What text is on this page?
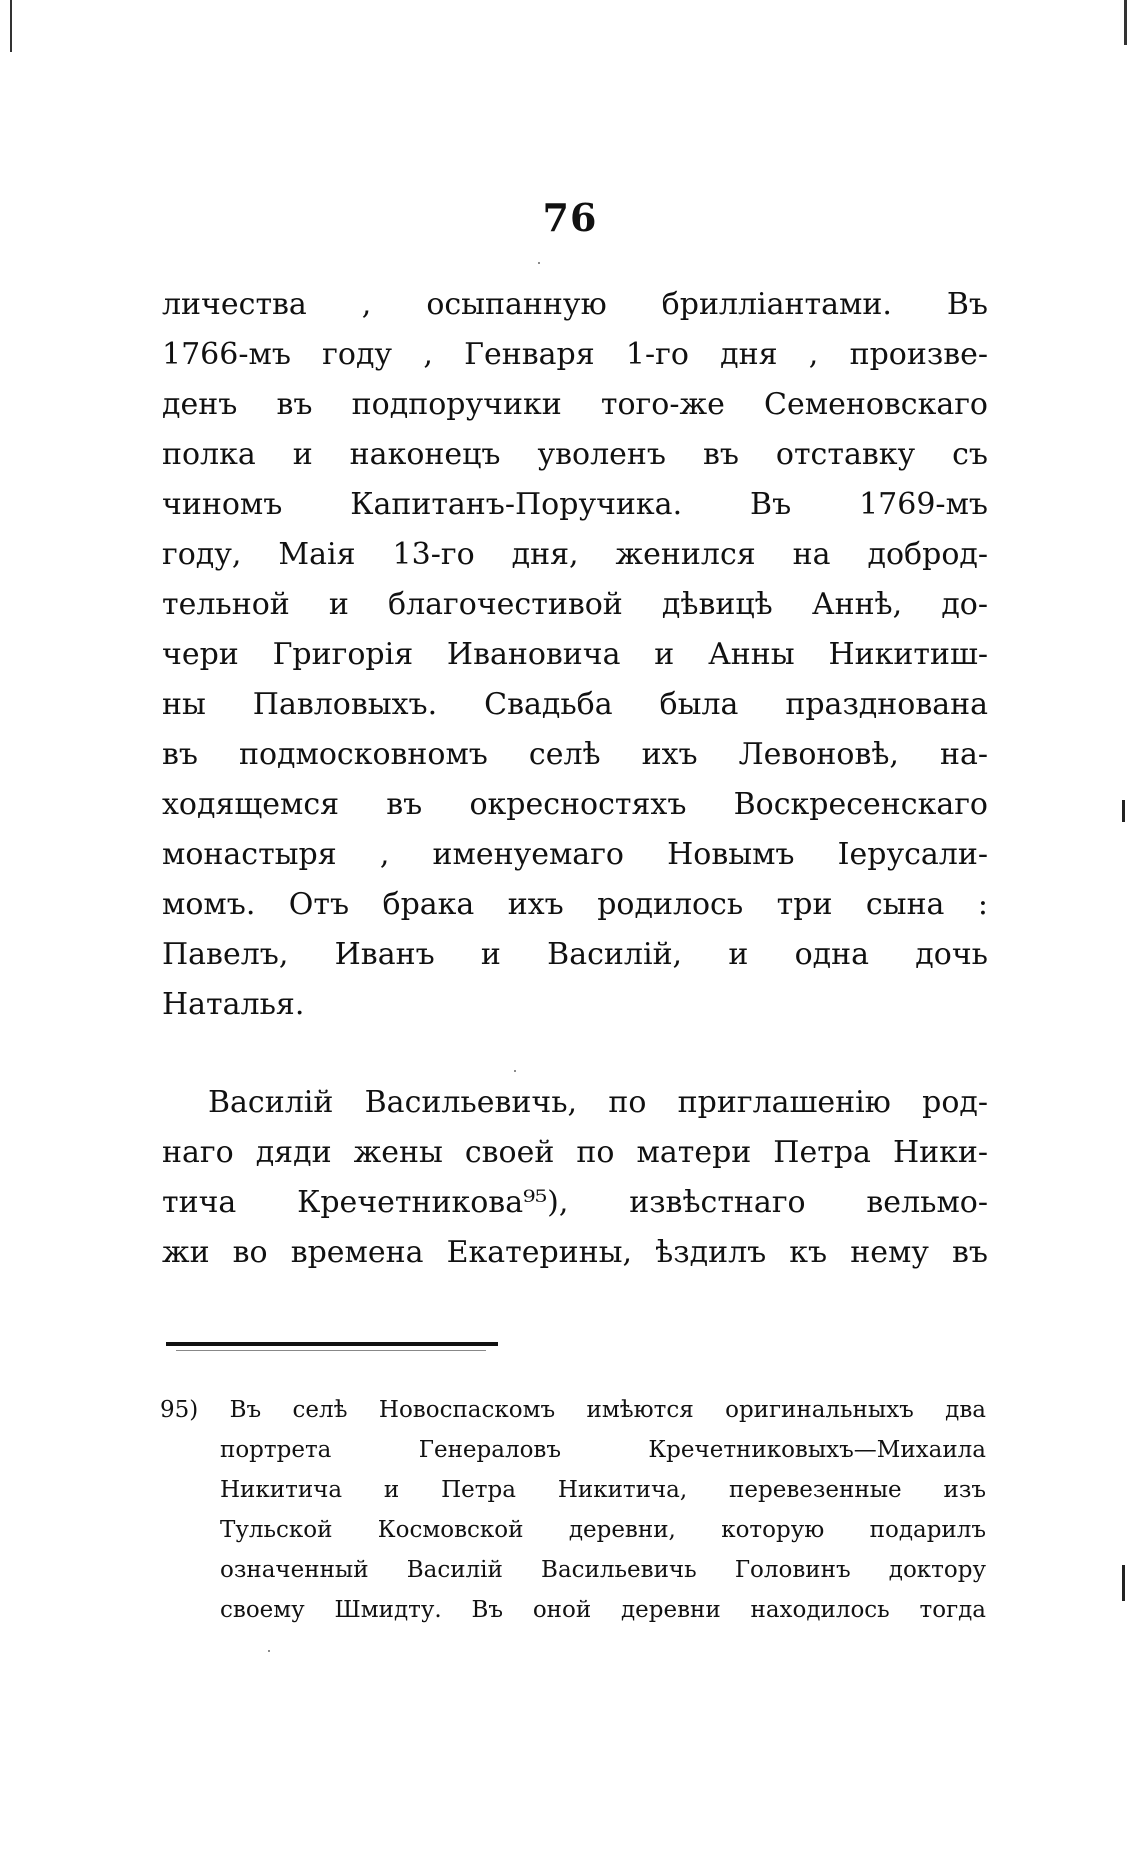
76
личества , осыпанную бриллiантами. Въ
1766-мъ году , Генваря 1-го дня , произве-
денъ въ подпоручики того-же Семеновскаго
полка и наконецъ уволенъ въ отставку съ
чиномъ Капитанъ-Поручика. Въ 1769-мъ
году, Маія 13-го дня, женился на доброд-
тельной и благочестивой дѣвицѣ Аннѣ, до-
чери Григорія Ивановича и Анны Никитиш-
ны Павловыхъ. Свадьба была празднована
въ подмосковномъ селѣ ихъ Левоновѣ, на-
ходящемся въ окресностяхъ Воскресенскаго
монастыря , именуемаго Новымъ Іерусали-
момъ. Отъ брака ихъ родилось три сына :
Павелъ, Иванъ и Василій, и одна дочь
Наталья.
Василій Васильевичь, по приглашенію род-
наго дяди жены своей по матери Петра Ники-
тича Кречетникова⁹⁵), извѣстнаго вельмо-
жи во времена Екатерины, ѣздилъ къ нему въ
95) Въ селѣ Новоспаскомъ имѣются оригинальныхъ два
портрета Генераловъ Кречетниковыхъ—Михаила
Никитича и Петра Никитича, перевезенные изъ
Тульской Космовской деревни, которую подарилъ
означенный Василій Васильевичь Головинъ доктору
своему Шмидту. Въ оной деревни находилось тогда
